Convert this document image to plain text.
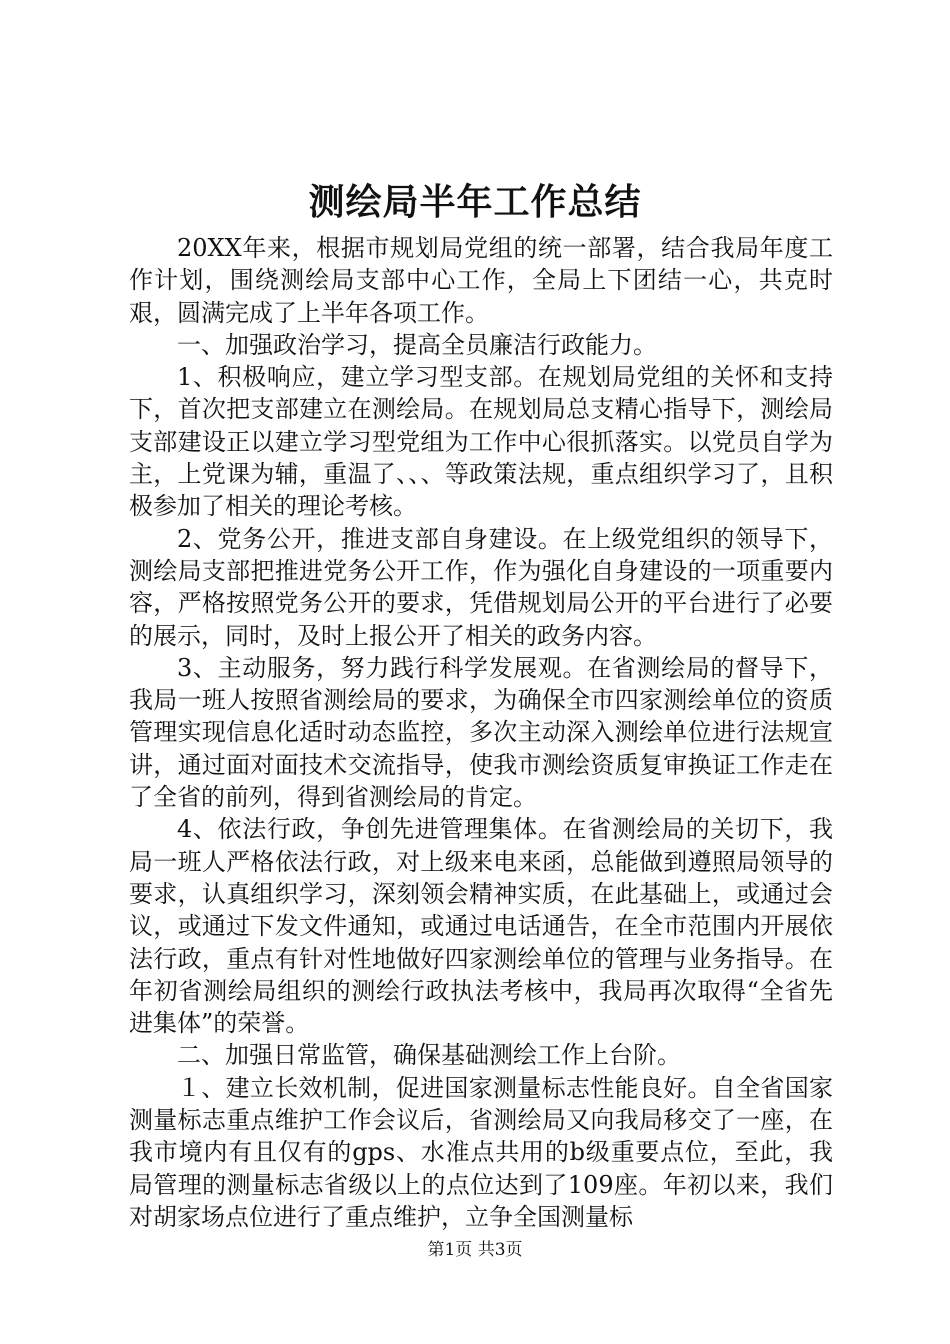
测绘局半年工作总结

20XX年来，根据市规划局党组的统一部署，结合我局年度工作计划，围绕测绘局支部中心工作，全局上下团结一心，共克时艰，圆满完成了上半年各项工作。

一、加强政治学习，提高全员廉洁行政能力。

1、积极响应，建立学习型支部。在规划局党组的关怀和支持下，首次把支部建立在测绘局。在规划局总支精心指导下，测绘局支部建设正以建立学习型党组为工作中心很抓落实。以党员自学为主，上党课为辅，重温了、、、等政策法规，重点组织学习了，且积极参加了相关的理论考核。

2、党务公开，推进支部自身建设。在上级党组织的领导下，测绘局支部把推进党务公开工作，作为强化自身建设的一项重要内容，严格按照党务公开的要求，凭借规划局公开的平台进行了必要的展示，同时，及时上报公开了相关的政务内容。

3、主动服务，努力践行科学发展观。在省测绘局的督导下，我局一班人按照省测绘局的要求，为确保全市四家测绘单位的资质管理实现信息化适时动态监控，多次主动深入测绘单位进行法规宣讲，通过面对面技术交流指导，使我市测绘资质复审换证工作走在了全省的前列，得到省测绘局的肯定。

4、依法行政，争创先进管理集体。在省测绘局的关切下，我局一班人严格依法行政，对上级来电来函，总能做到遵照局领导的要求，认真组织学习，深刻领会精神实质，在此基础上，或通过会议，或通过下发文件通知，或通过电话通告，在全市范围内开展依法行政，重点有针对性地做好四家测绘单位的管理与业务指导。在年初省测绘局组织的测绘行政执法考核中，我局再次取得“全省先进集体”的荣誉。

二、加强日常监管，确保基础测绘工作上台阶。

１、建立长效机制，促进国家测量标志性能良好。自全省国家测量标志重点维护工作会议后，省测绘局又向我局移交了一座，在我市境内有且仅有的gps、水准点共用的b级重要点位，至此，我局管理的测量标志省级以上的点位达到了109座。年初以来，我们对胡家场点位进行了重点维护，立争全国测量标

第1页 共3页
